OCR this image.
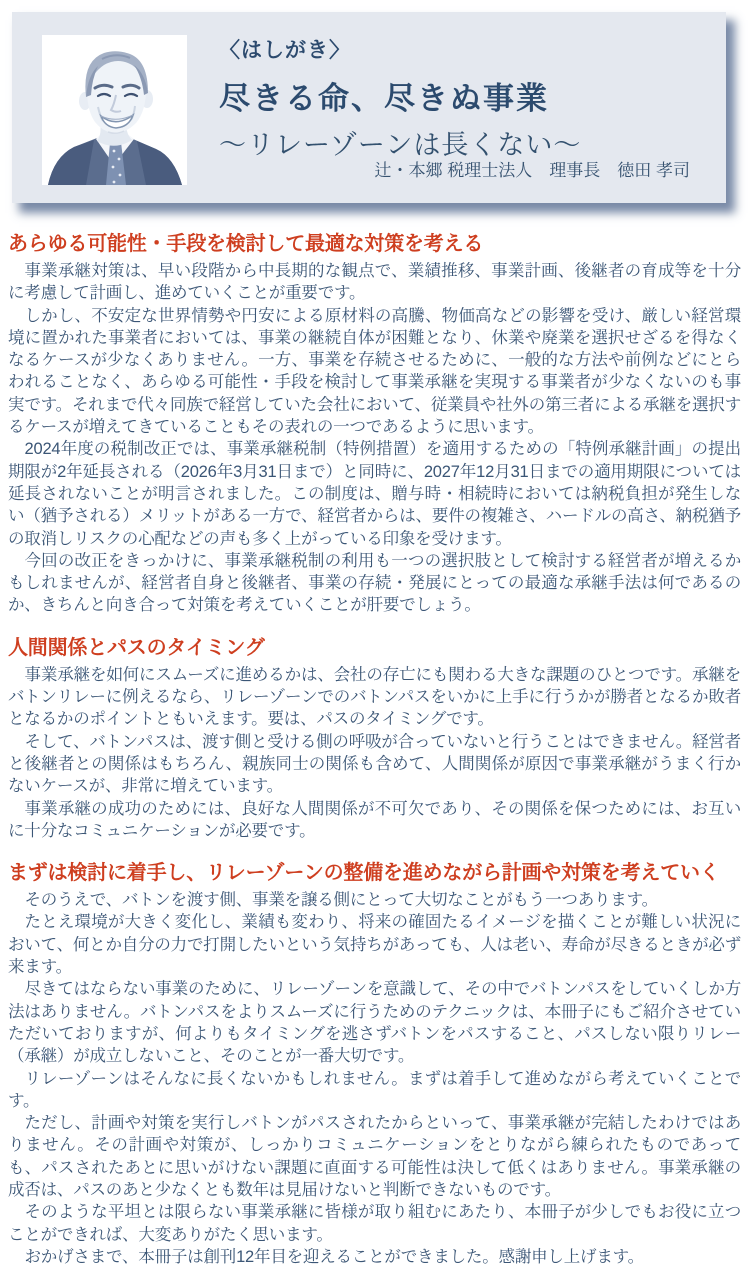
〈はしがき〉
尽きる命、尽きぬ事業
〜リレーゾーンは長くない〜
辻・本郷 税理士法人　理事長　徳田 孝司
あらゆる可能性・手段を検討して最適な対策を考える

事業承継対策は、早い段階から中長期的な観点で、業績推移、事業計画、後継者の育成等を十分に考慮して計画し、進めていくことが重要です。

しかし、不安定な世界情勢や円安による原材料の高騰、物価高などの影響を受け、厳しい経営環境に置かれた事業者においては、事業の継続自体が困難となり、休業や廃業を選択せざるを得なくなるケースが少なくありません。一方、事業を存続させるために、一般的な方法や前例などにとらわれることなく、あらゆる可能性・手段を検討して事業承継を実現する事業者が少なくないのも事実です。それまで代々同族で経営していた会社において、従業員や社外の第三者による承継を選択するケースが増えてきていることもその表れの一つであるように思います。

2024年度の税制改正では、事業承継税制（特例措置）を適用するための「特例承継計画」の提出期限が2年延長される（2026年3月31日まで）と同時に、2027年12月31日までの適用期限については延長されないことが明言されました。この制度は、贈与時・相続時においては納税負担が発生しない（猶予される）メリットがある一方で、経営者からは、要件の複雑さ、ハードルの高さ、納税猶予の取消しリスクの心配などの声も多く上がっている印象を受けます。

今回の改正をきっかけに、事業承継税制の利用も一つの選択肢として検討する経営者が増えるかもしれませんが、経営者自身と後継者、事業の存続・発展にとっての最適な承継手法は何であるのか、きちんと向き合って対策を考えていくことが肝要でしょう。

人間関係とパスのタイミング

事業承継を如何にスムーズに進めるかは、会社の存亡にも関わる大きな課題のひとつです。承継をバトンリレーに例えるなら、リレーゾーンでのバトンパスをいかに上手に行うかが勝者となるか敗者となるかのポイントともいえます。要は、パスのタイミングです。

そして、バトンパスは、渡す側と受ける側の呼吸が合っていないと行うことはできません。経営者と後継者との関係はもちろん、親族同士の関係も含めて、人間関係が原因で事業承継がうまく行かないケースが、非常に増えています。

事業承継の成功のためには、良好な人間関係が不可欠であり、その関係を保つためには、お互いに十分なコミュニケーションが必要です。

まずは検討に着手し、リレーゾーンの整備を進めながら計画や対策を考えていく

そのうえで、バトンを渡す側、事業を譲る側にとって大切なことがもう一つあります。

たとえ環境が大きく変化し、業績も変わり、将来の確固たるイメージを描くことが難しい状況において、何とか自分の力で打開したいという気持ちがあっても、人は老い、寿命が尽きるときが必ず来ます。

尽きてはならない事業のために、リレーゾーンを意識して、その中でバトンパスをしていくしか方法はありません。バトンパスをよりスムーズに行うためのテクニックは、本冊子にもご紹介させていただいておりますが、何よりもタイミングを逃さずバトンをパスすること、パスしない限りリレー（承継）が成立しないこと、そのことが一番大切です。

リレーゾーンはそんなに長くないかもしれません。まずは着手して進めながら考えていくことです。

ただし、計画や対策を実行しバトンがパスされたからといって、事業承継が完結したわけではありません。その計画や対策が、しっかりコミュニケーションをとりながら練られたものであっても、パスされたあとに思いがけない課題に直面する可能性は決して低くはありません。事業承継の成否は、パスのあと少なくとも数年は見届けないと判断できないものです。

そのような平坦とは限らない事業承継に皆様が取り組むにあたり、本冊子が少しでもお役に立つことができれば、大変ありがたく思います。

おかげさまで、本冊子は創刊12年目を迎えることができました。感謝申し上げます。
